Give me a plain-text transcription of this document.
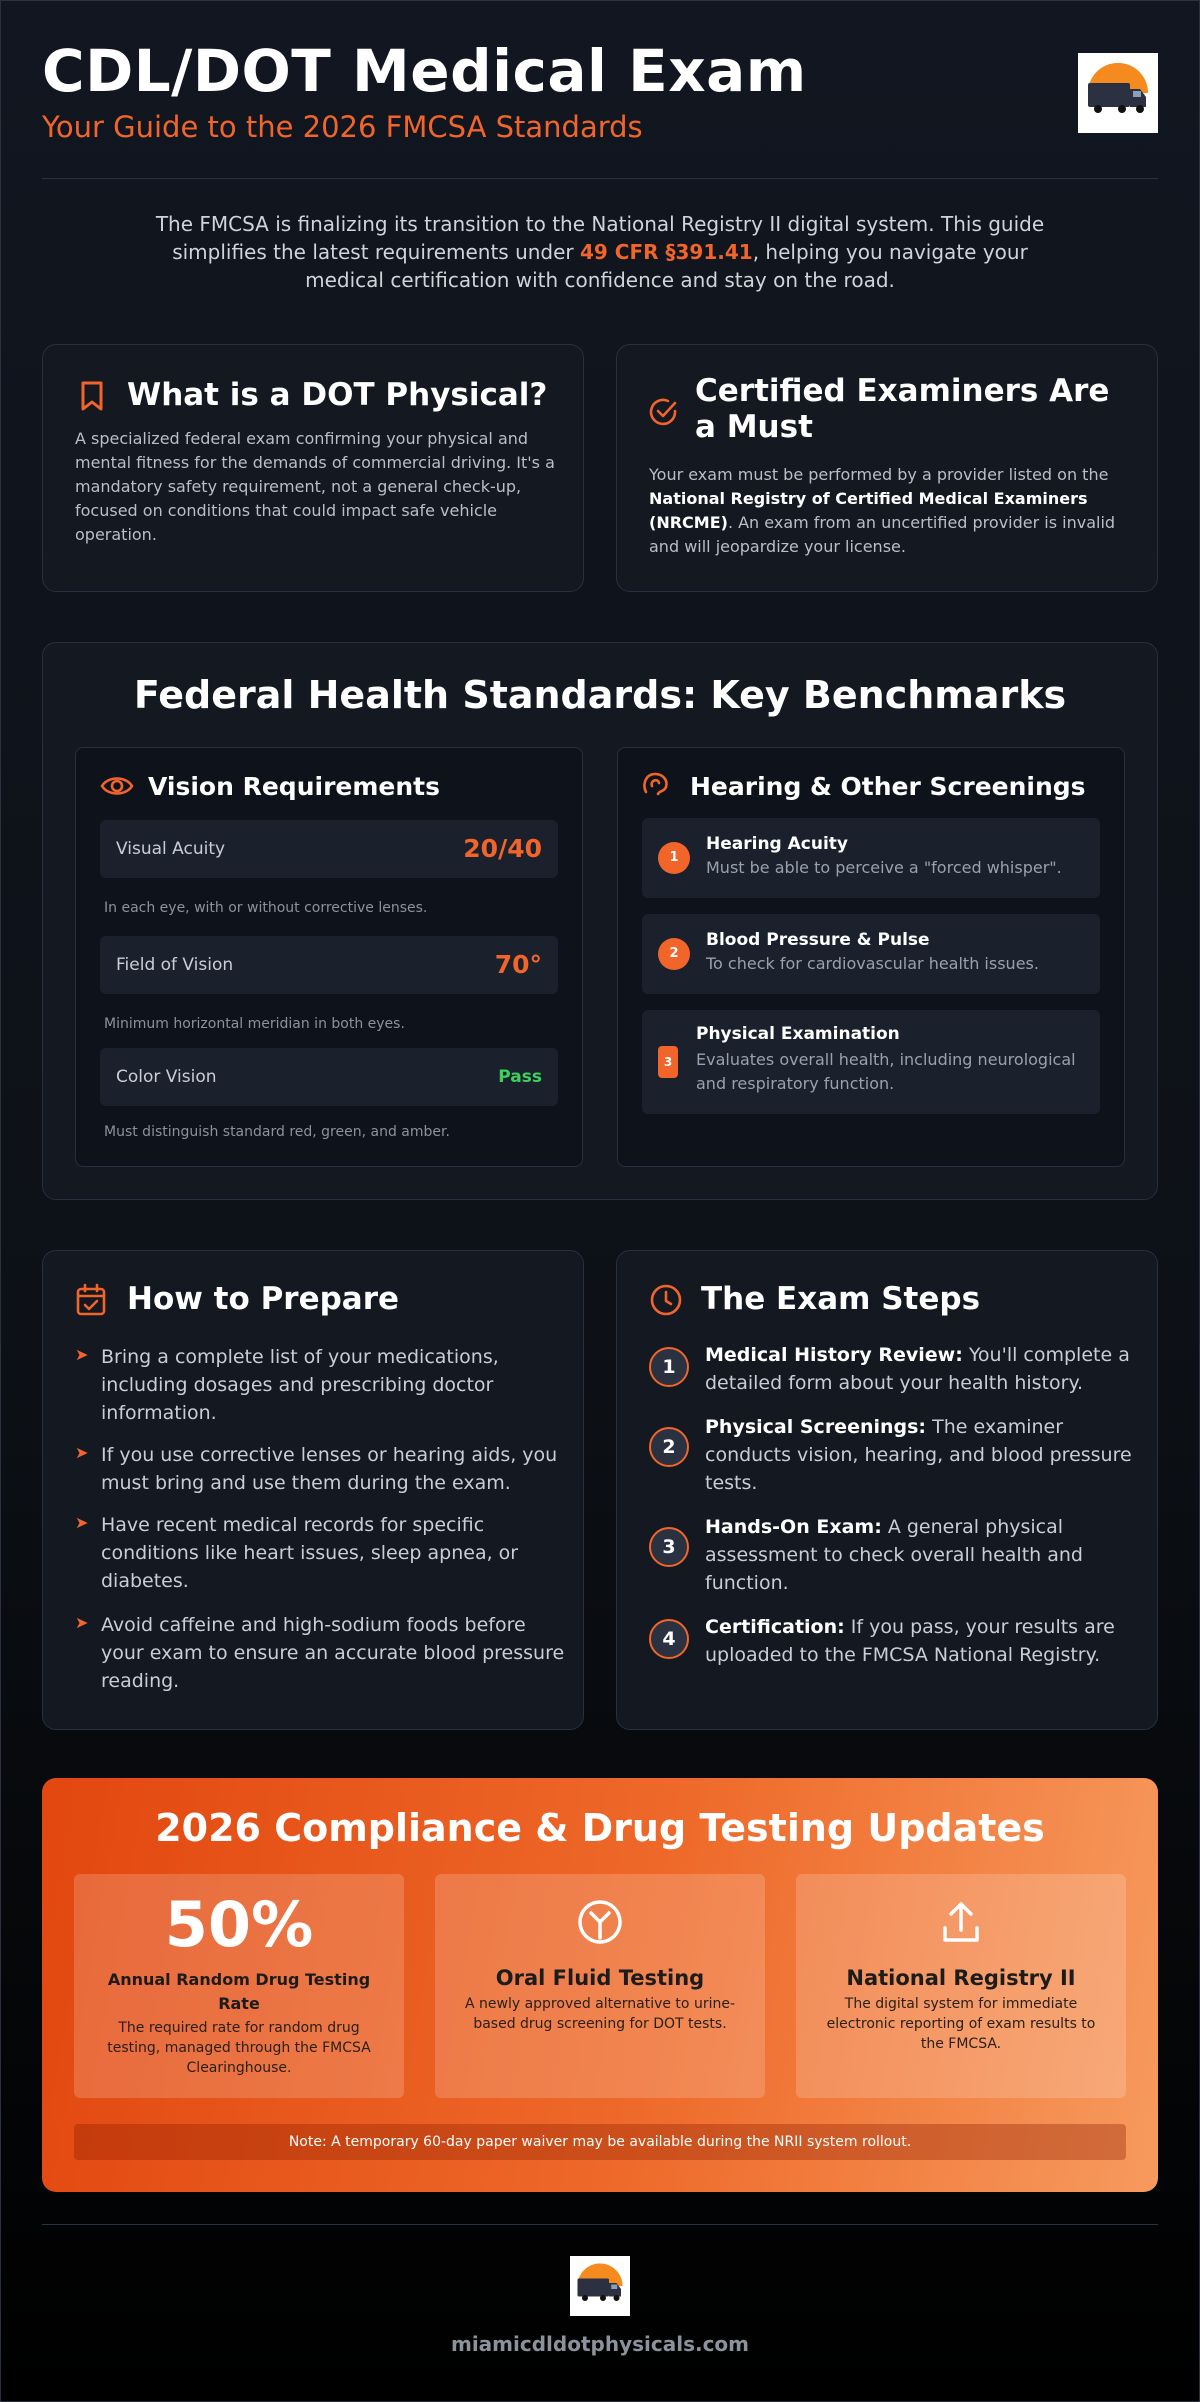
CDL/DOT Medical Exam
Your Guide to the 2026 FMCSA Standards
The FMCSA is finalizing its transition to the National Registry II digital system. This guide simplifies the latest requirements under 49 CFR §391.41, helping you navigate your medical certification with confidence and stay on the road.
What is a DOT Physical?
A specialized federal exam confirming your physical and mental fitness for the demands of commercial driving. It's a mandatory safety requirement, not a general check-up, focused on conditions that could impact safe vehicle operation.
Certified Examiners Are a Must
Your exam must be performed by a provider listed on the National Registry of Certified Medical Examiners (NRCME). An exam from an uncertified provider is invalid and will jeopardize your license.
Federal Health Standards: Key Benchmarks
Vision Requirements
Visual Acuity	20/40
In each eye, with or without corrective lenses.
Field of Vision	70°
Minimum horizontal meridian in both eyes.
Color Vision	Pass
Must distinguish standard red, green, and amber.
Hearing & Other Screenings
1
Hearing Acuity
Must be able to perceive a "forced whisper".
2
Blood Pressure & Pulse
To check for cardiovascular health issues.
3
Physical Examination
Evaluates overall health, including neurological and respiratory function.
How to Prepare
➤ Bring a complete list of your medications, including dosages and prescribing doctor information.
➤ If you use corrective lenses or hearing aids, you must bring and use them during the exam.
➤ Have recent medical records for specific conditions like heart issues, sleep apnea, or diabetes.
➤ Avoid caffeine and high-sodium foods before your exam to ensure an accurate blood pressure reading.
The Exam Steps
1
Medical History Review: You'll complete a detailed form about your health history.
2
Physical Screenings: The examiner conducts vision, hearing, and blood pressure tests.
3
Hands-On Exam: A general physical assessment to check overall health and function.
4
Certification: If you pass, your results are uploaded to the FMCSA National Registry.
2026 Compliance & Drug Testing Updates
50%
Annual Random Drug Testing Rate
The required rate for random drug testing, managed through the FMCSA Clearinghouse.
Oral Fluid Testing
A newly approved alternative to urine-based drug screening for DOT tests.
National Registry II
The digital system for immediate electronic reporting of exam results to the FMCSA.
Note: A temporary 60-day paper waiver may be available during the NRII system rollout.
miamicdldotphysicals.com
